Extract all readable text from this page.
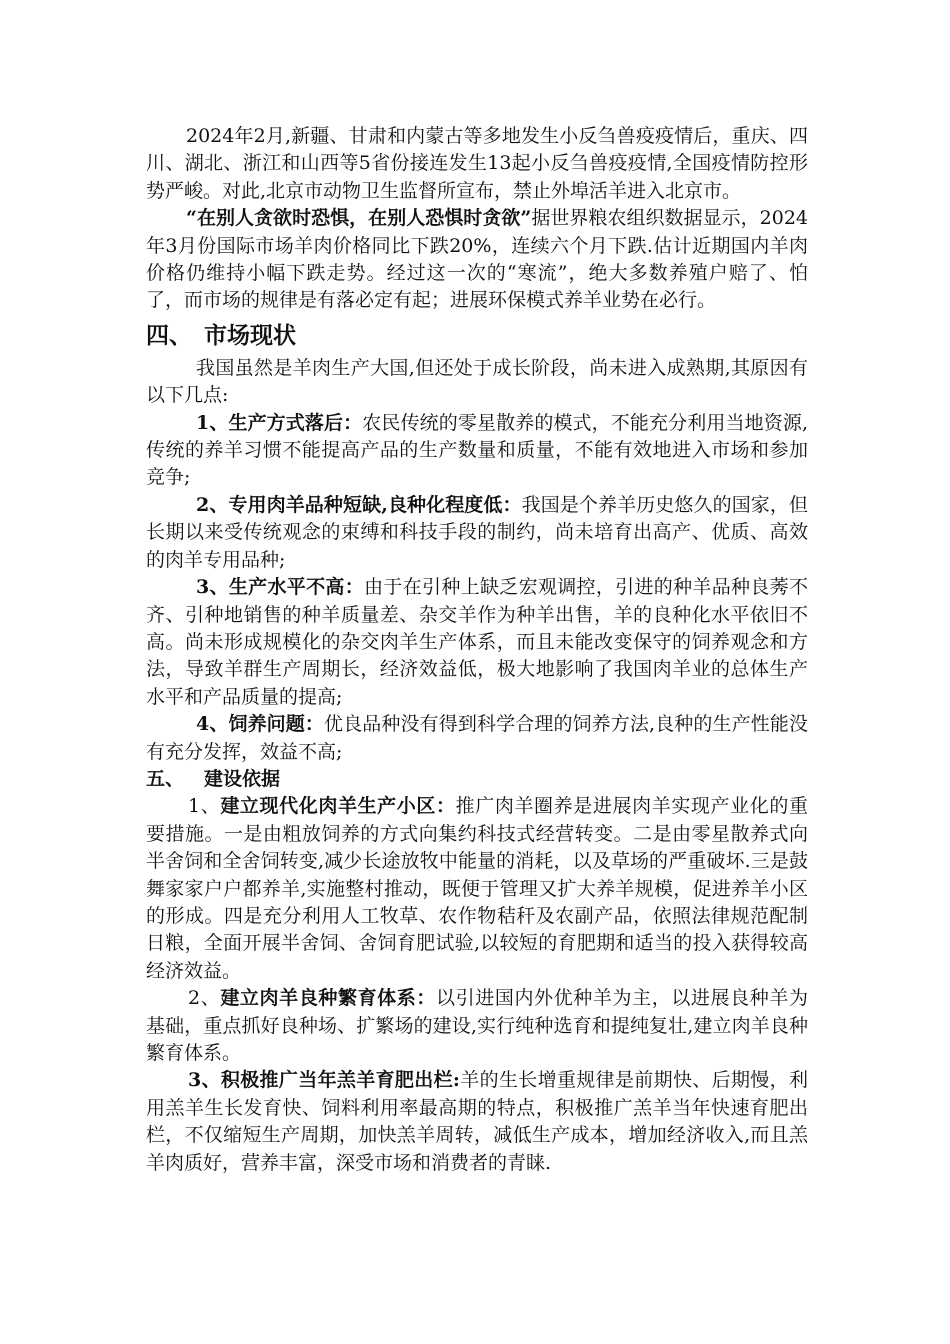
2024年2月,新疆、甘肃和内蒙古等多地发生小反刍兽疫疫情后，重庆、四川、湖北、浙江和山西等5省份接连发生13起小反刍兽疫疫情,全国疫情防控形势严峻。对此,北京市动物卫生监督所宣布，禁止外埠活羊进入北京市。

“在别人贪欲时恐惧，在别人恐惧时贪欲”据世界粮农组织数据显示，2024年3月份国际市场羊肉价格同比下跌20%，连续六个月下跌.估计近期国内羊肉价格仍维持小幅下跌走势。经过这一次的“寒流”，绝大多数养殖户赔了、怕了，而市场的规律是有落必定有起；进展环保模式养羊业势在必行。

四、 市场现状

我国虽然是羊肉生产大国,但还处于成长阶段，尚未进入成熟期,其原因有以下几点:

1、生产方式落后：农民传统的零星散养的模式，不能充分利用当地资源,传统的养羊习惯不能提高产品的生产数量和质量，不能有效地进入市场和参加竞争;

2、专用肉羊品种短缺,良种化程度低：我国是个养羊历史悠久的国家，但长期以来受传统观念的束缚和科技手段的制约，尚未培育出高产、优质、高效的肉羊专用品种;

3、生产水平不高：由于在引种上缺乏宏观调控，引进的种羊品种良莠不齐、引种地销售的种羊质量差、杂交羊作为种羊出售，羊的良种化水平依旧不高。尚未形成规模化的杂交肉羊生产体系，而且未能改变保守的饲养观念和方法，导致羊群生产周期长，经济效益低，极大地影响了我国肉羊业的总体生产水平和产品质量的提高;

4、饲养问题：优良品种没有得到科学合理的饲养方法,良种的生产性能没有充分发挥，效益不高;

五、 建设依据

1、建立现代化肉羊生产小区：推广肉羊圈养是进展肉羊实现产业化的重要措施。一是由粗放饲养的方式向集约科技式经营转变。二是由零星散养式向半舍饲和全舍饲转变,减少长途放牧中能量的消耗，以及草场的严重破坏.三是鼓舞家家户户都养羊,实施整村推动，既便于管理又扩大养羊规模，促进养羊小区的形成。四是充分利用人工牧草、农作物秸秆及农副产品，依照法律规范配制日粮，全面开展半舍饲、舍饲育肥试验,以较短的育肥期和适当的投入获得较高经济效益。

2、建立肉羊良种繁育体系：以引进国内外优种羊为主，以进展良种羊为基础，重点抓好良种场、扩繁场的建设,实行纯种选育和提纯复壮,建立肉羊良种繁育体系。

3、积极推广当年羔羊育肥出栏:羊的生长增重规律是前期快、后期慢，利用羔羊生长发育快、饲料利用率最高期的特点，积极推广羔羊当年快速育肥出栏，不仅缩短生产周期，加快羔羊周转，减低生产成本，增加经济收入,而且羔羊肉质好，营养丰富，深受市场和消费者的青睐.
